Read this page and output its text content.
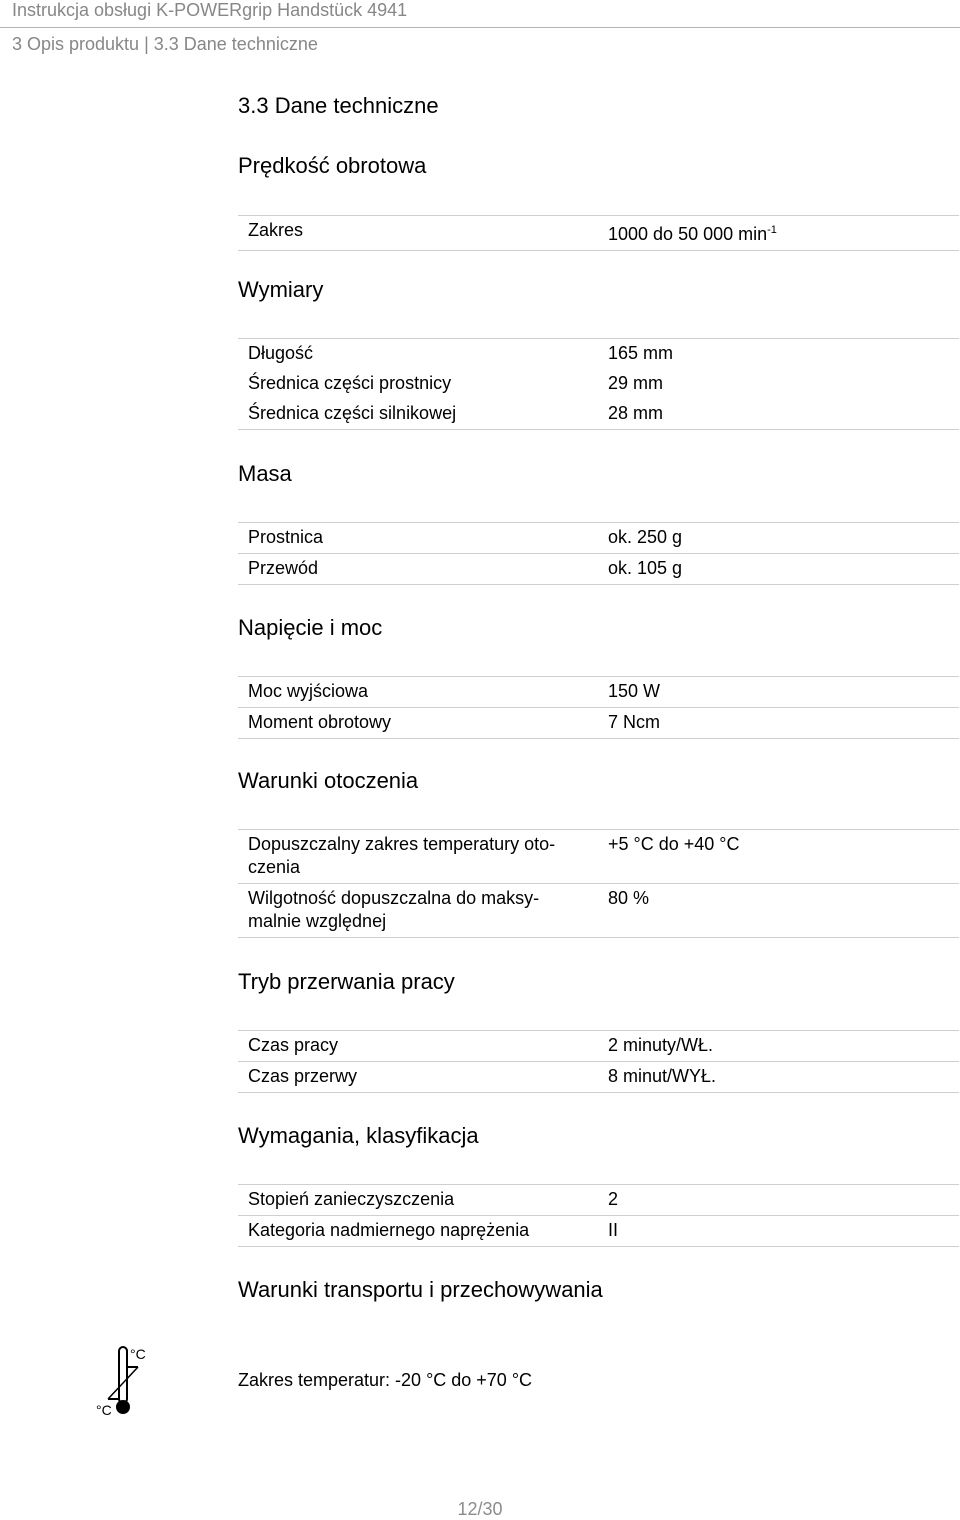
Instrukcja obsługi K-POWERgrip Handstück 4941
3 Opis produktu | 3.3 Dane techniczne
3.3 Dane techniczne
Prędkość obrotowa
Zakres	1000 do 50 000 $\min^{-1}$
Wymiary
Długość	165 mm
Średnica części prostnicy	29 mm
Średnica części silnikowej	28 mm
Masa
Prostnica	ok. 250 g
Przewód	ok. 105 g
Napięcie i moc
Moc wyjściowa	150 W
Moment obrotowy	7 Ncm
Warunki otoczenia
Dopuszczalny zakres temperatury oto-
czenia	+5 °C do +40 °C
Wilgotność dopuszczalna do maksy-
malnie względnej	80 %
Tryb przerwania pracy
Czas pracy	2 minuty/WŁ.
Czas przerwy	8 minut/WYŁ.
Wymagania, klasyfikacja
Stopień zanieczyszczenia	2
Kategoria nadmiernego naprężenia	II
Warunki transportu i przechowywania
°C
°C
Zakres temperatur: -20 °C do +70 °C
12/30
